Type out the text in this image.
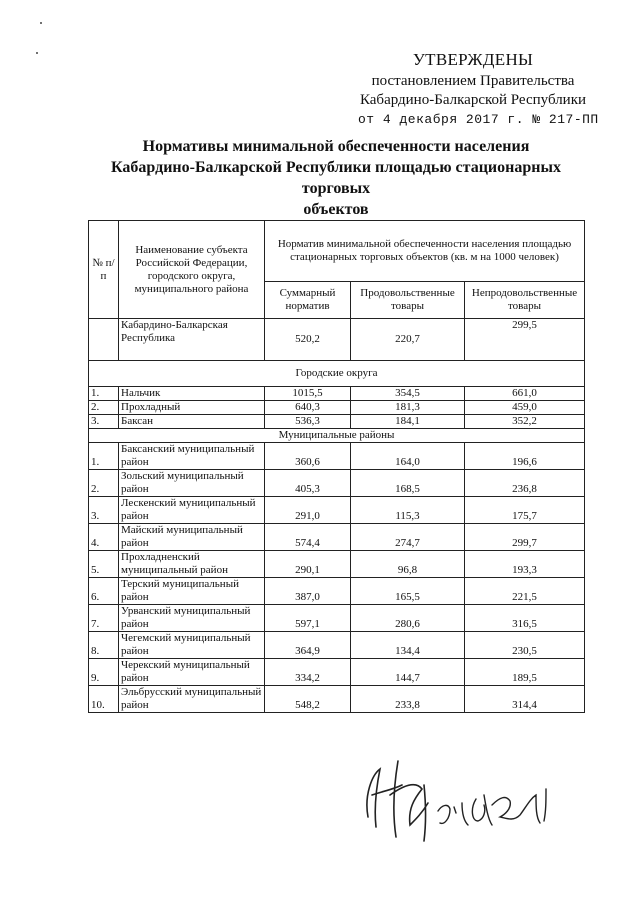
УТВЕРЖДЕНЫ
постановлением Правительства
Кабардино-Балкарской Республики
от 4 декабря 2017 г. № 217-ПП
Нормативы минимальной обеспеченности населения
Кабардино-Балкарской Республики площадью стационарных торговых
объектов
№ п/п	Наименование субъекта Российской Федерации, городского округа, муниципального района	Норматив минимальной обеспеченности населения площадью стационарных торговых объектов (кв. м на 1000 человек)		
		Суммарный норматив	Продовольственные товары	Непродовольственные товары
	Кабардино-Балкарская Республика	520,2	220,7	299,5
Городские округа				
1.	Нальчик	1015,5	354,5	661,0
2.	Прохладный	640,3	181,3	459,0
3.	Баксан	536,3	184,1	352,2
Муниципальные районы				
1.	Баксанский муниципальный район	360,6	164,0	196,6
2.	Зольский муниципальный район	405,3	168,5	236,8
3.	Лескенский муниципальный район	291,0	115,3	175,7
4.	Майский муниципальный район	574,4	274,7	299,7
5.	Прохладненский муниципальный район	290,1	96,8	193,3
6.	Терский муниципальный район	387,0	165,5	221,5
7.	Урванский муниципальный район	597,1	280,6	316,5
8.	Чегемский муниципальный район	364,9	134,4	230,5
9.	Черекский муниципальный район	334,2	144,7	189,5
10.	Эльбрусский муниципальный район	548,2	233,8	314,4
